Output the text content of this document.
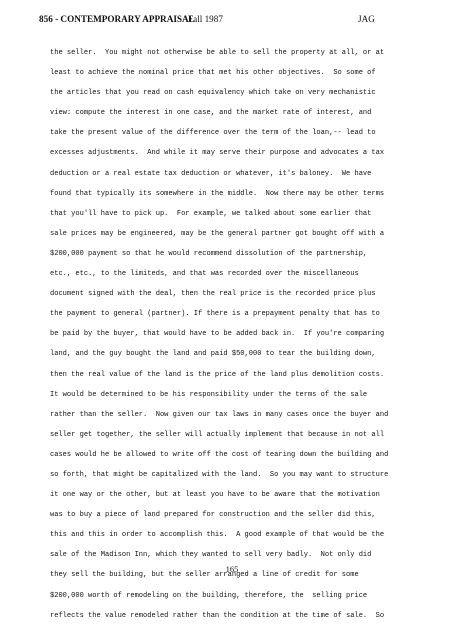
856 - CONTEMPORARY APPRAISAL
Fall 1987	JAG
the seller.  You might not otherwise be able to sell the property at all, or at
least to achieve the nominal price that met his other objectives.  So some of
the articles that you read on cash equivalency which take on very mechanistic
view: compute the interest in one case, and the market rate of interest, and
take the present value of the difference over the term of the loan,-- lead to
excesses adjustments.  And while it may serve their purpose and advocates a tax
deduction or a real estate tax deduction or whatever, it's baloney.  We have
found that typically its somewhere in the middle.  Now there may be other terms
that you'll have to pick up.  For example, we talked about some earlier that
sale prices may be engineered, may be the general partner got bought off with a
$200,000 payment so that he would recommend dissolution of the partnership,
etc., etc., to the limiteds, and that was recorded over the miscellaneous
document signed with the deal, then the real price is the recorded price plus
the payment to general (partner). If there is a prepayment penalty that has to
be paid by the buyer, that would have to be added back in.  If you're comparing
land, and the guy bought the land and paid $50,000 to tear the building down,
then the real value of the land is the price of the land plus demolition costs.
It would be determined to be his responsibility under the terms of the sale
rather than the seller.  Now given our tax laws in many cases once the buyer and
seller get together, the seller will actually implement that because in not all
cases would he be allowed to write off the cost of tearing down the building and
so forth, that might be capitalized with the land.  So you may want to structure
it one way or the other, but at least you have to be aware that the motivation
was to buy a piece of land prepared for construction and the seller did this,
this and this in order to accomplish this.  A good example of that would be the
sale of the Madison Inn, which they wanted to sell very badly.  Not only did
they sell the building, but the seller arranged a line of credit for some
$200,000 worth of remodeling on the building, therefore, the  selling price
reflects the value remodeled rather than the condition at the time of sale.  So
165
